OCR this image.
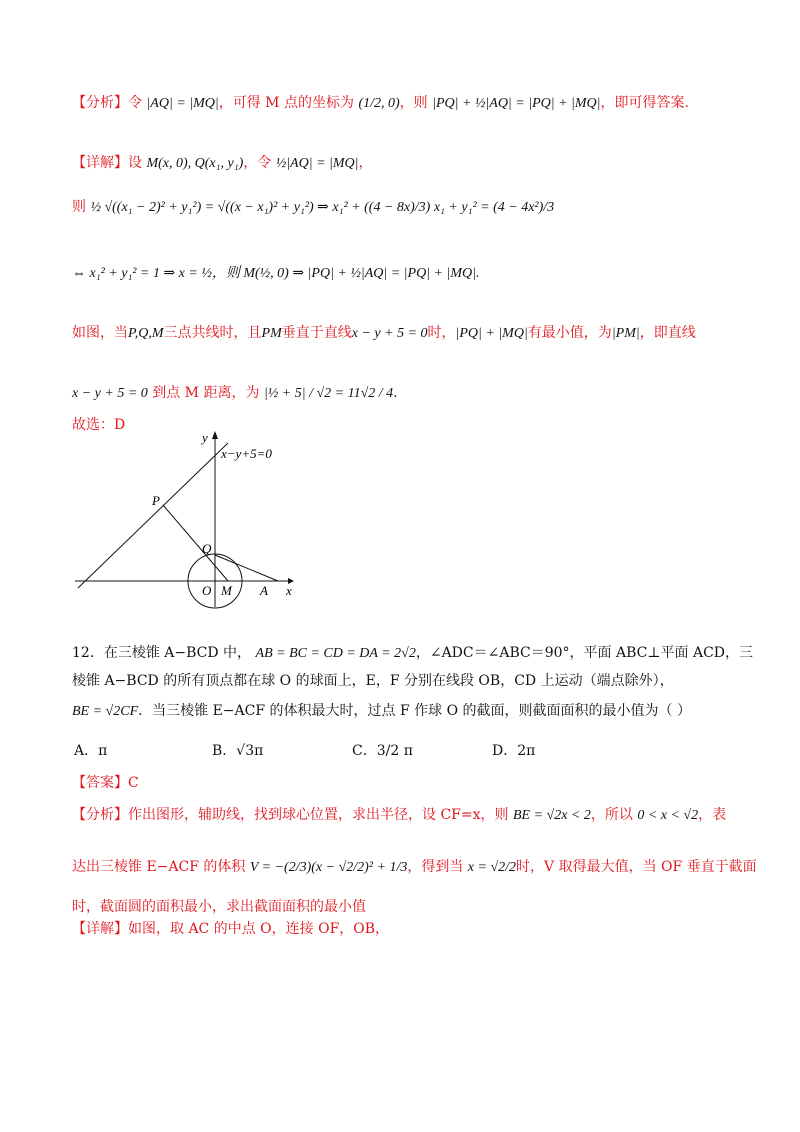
【分析】令 |AQ| = |MQ|，可得 M 点的坐标为 (1/2, 0)，则 |PQ| + ½|AQ| = |PQ| + |MQ|，即可得答案.
【详解】设 M(x, 0), Q(x₁, y₁)，令 ½|AQ| = |MQ|，
则 ½ √((x₁ − 2)² + y₁²) = √((x − x₁)² + y₁²) ⇒ x₁² + ((4 − 8x)/3) x₁ + y₁² = (4 − 4x²)/3
⇔ x₁² + y₁² = 1 ⇒ x = ½，则 M(½, 0) ⇒ |PQ| + ½|AQ| = |PQ| + |MQ|.
如图，当P,Q,M三点共线时，且PM垂直于直线x − y + 5 = 0时，|PQ| + |MQ|有最小值，为|PM|，即直线
x − y + 5 = 0 到点 M 距离，为 |½ + 5| / √2 = 11√2 / 4.
故选：D
y
x
x−y+5=0
P
Q
O M A
12．在三棱锥 A−BCD 中， AB = BC = CD = DA = 2√2，∠ADC＝∠ABC＝90°，平面 ABC⊥平面 ACD，三
棱锥 A−BCD 的所有顶点都在球 O 的球面上，E，F 分别在线段 OB，CD 上运动（端点除外），
BE = √2CF．当三棱锥 E−ACF 的体积最大时，过点 F 作球 O 的截面，则截面面积的最小值为（ ）
A．π	B．√3π	C．3/2 π	D．2π
【答案】C
【分析】作出图形，辅助线，找到球心位置，求出半径，设 CF=x，则 BE = √2x < 2，所以 0 < x < √2，表
达出三棱锥 E−ACF 的体积 V = −(2/3)(x − √2/2)² + 1/3，得到当 x = √2/2时，V 取得最大值，当 OF 垂直于截面
时，截面圆的面积最小，求出截面面积的最小值
【详解】如图，取 AC 的中点 O，连接 OF，OB，
